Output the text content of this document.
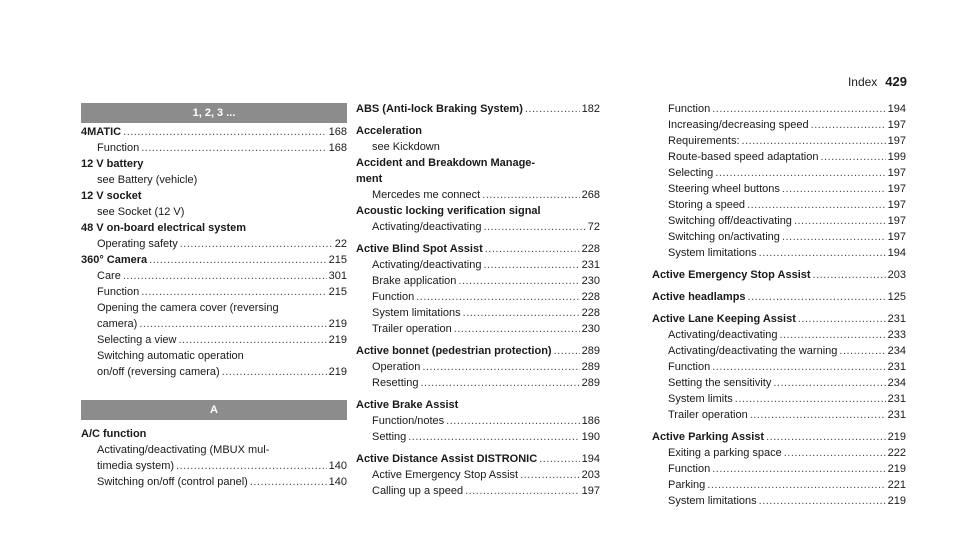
Index 429
1, 2, 3 ...
4MATIC .....	168
Function .....	168
12 V battery
see Battery (vehicle)
12 V socket
see Socket (12 V)
48 V on-board electrical system
Operating safety .....	22
360° Camera .....	215
Care .....	301
Function .....	215
Opening the camera cover (reversing
camera) .....	219
Selecting a view .....	219
Switching automatic operation
on/off (reversing camera) .....	219
A
A/C function
Activating/deactivating (MBUX mul-
timedia system) .....	140
Switching on/off (control panel) .....	140
ABS (Anti-lock Braking System) .....	182
Acceleration
see Kickdown
Accident and Breakdown Manage-
ment
Mercedes me connect .....	268
Acoustic locking verification signal
Activating/deactivating .....	72
Active Blind Spot Assist .....	228
Activating/deactivating .....	231
Brake application .....	230
Function .....	228
System limitations .....	228
Trailer operation .....	230
Active bonnet (pedestrian protection) .....	289
Operation .....	289
Resetting .....	289
Active Brake Assist
Function/notes .....	186
Setting .....	190
Active Distance Assist DISTRONIC .....	194
Active Emergency Stop Assist .....	203
Calling up a speed .....	197
Function .....	194
Increasing/decreasing speed .....	197
Requirements: .....	197
Route-based speed adaptation .....	199
Selecting .....	197
Steering wheel buttons .....	197
Storing a speed .....	197
Switching off/deactivating .....	197
Switching on/activating .....	197
System limitations .....	194
Active Emergency Stop Assist .....	203
Active headlamps .....	125
Active Lane Keeping Assist .....	231
Activating/deactivating .....	233
Activating/deactivating the warning .....	234
Function .....	231
Setting the sensitivity .....	234
System limits .....	231
Trailer operation .....	231
Active Parking Assist .....	219
Exiting a parking space .....	222
Function .....	219
Parking .....	221
System limitations .....	219
